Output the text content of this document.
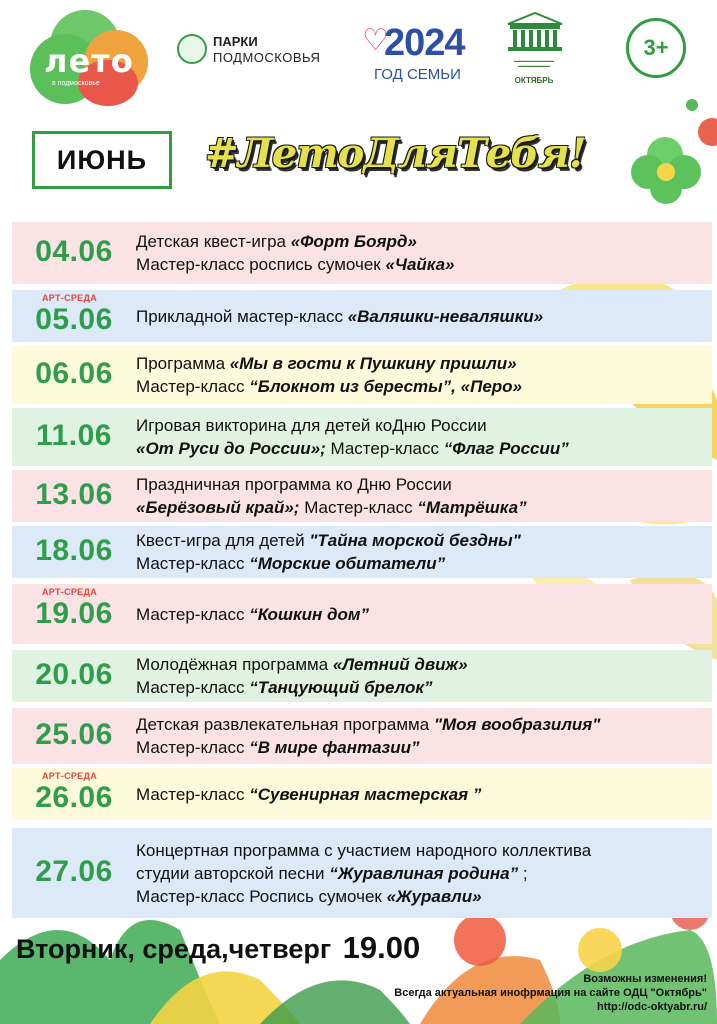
лето
в подмосковье
ПАРКИ
ПОДМОСКОВЬЯ
♡
2024
ГОД СЕМЬИ
▬▬▬▬▬▬▬▬▬▬
▬▬▬▬▬▬▬▬
ОКТЯБРЬ
3+
ИЮНЬ	#ЛетоДляТебя!
04.06	Детская квест-игра «Форт Боярд»
Мастер-класс роспись сумочек «Чайка»
АРТ-СРЕДА
05.06	Прикладной мастер-класс «Валяшки-неваляшки»
06.06	Программа «Мы в гости к Пушкину пришли»
Мастер-класс “Блокнот из бересты”, «Перо»
11.06	Игровая викторина для детей коДню России
«От Руси до России»; Мастер-класс “Флаг России”
13.06	Праздничная программа ко Дню России
«Берёзовый край»; Мастер-класс “Матрёшка”
18.06	Квест-игра для детей "Тайна морской бездны"
Мастер-класс “Морские обитатели”
АРТ-СРЕДА
19.06	Мастер-класс “Кошкин дом”
20.06	Молодёжная программа «Летний движ»
Мастер-класс “Танцующий брелок”
25.06	Детская развлекательная программа "Моя вообразилия"
Мастер-класс “В мире фантазии”
АРТ-СРЕДА
26.06	Мастер-класс “Сувенирная мастерская ”
27.06
Концертная программа с участием народного коллектива
студии авторской песни “Журавлиная родина” ;
Мастер-класс Роспись сумочек «Журавли»
Вторник, среда,четверг 19.00
Возможны изменения!
Всегда актуальная инофрмация на сайте ОДЦ "Октябрь"
http://odc-oktyabr.ru/
